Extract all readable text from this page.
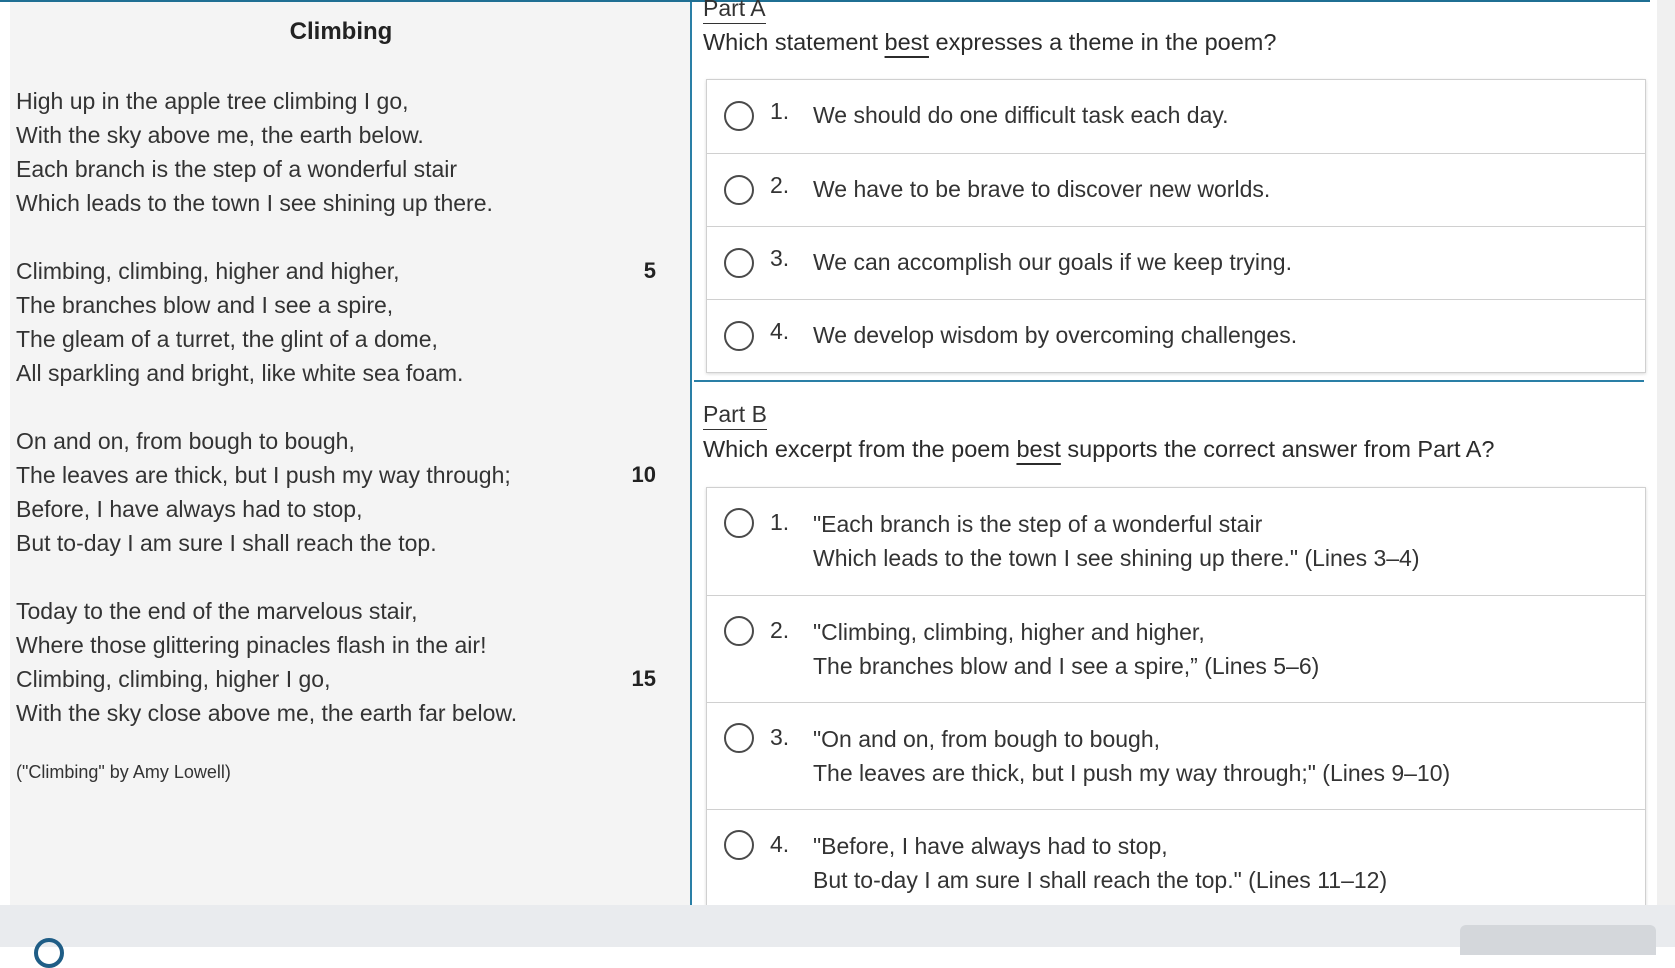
Climbing
High up in the apple tree climbing I go,
With the sky above me, the earth below.
Each branch is the step of a wonderful stair
Which leads to the town I see shining up there.
Climbing, climbing, higher and higher,
The branches blow and I see a spire,
The gleam of a turret, the glint of a dome,
All sparkling and bright, like white sea foam.
On and on, from bough to bough,
The leaves are thick, but I push my way through;
Before, I have always had to stop,
But to-day I am sure I shall reach the top.
Today to the end of the marvelous stair,
Where those glittering pinacles flash in the air!
Climbing, climbing, higher I go,
With the sky close above me, the earth far below.
5
10
15
("Climbing" by Amy Lowell)
Part A
Which statement best expresses a theme in the poem?
1. We should do one difficult task each day.
2. We have to be brave to discover new worlds.
3. We can accomplish our goals if we keep trying.
4. We develop wisdom by overcoming challenges.
Part B
Which excerpt from the poem best supports the correct answer from Part A?
1. "Each branch is the step of a wonderful stair
Which leads to the town I see shining up there." (Lines 3–4)
2. "Climbing, climbing, higher and higher,
The branches blow and I see a spire,” (Lines 5–6)
3. "On and on, from bough to bough,
The leaves are thick, but I push my way through;" (Lines 9–10)
4. "Before, I have always had to stop,
But to-day I am sure I shall reach the top." (Lines 11–12)
